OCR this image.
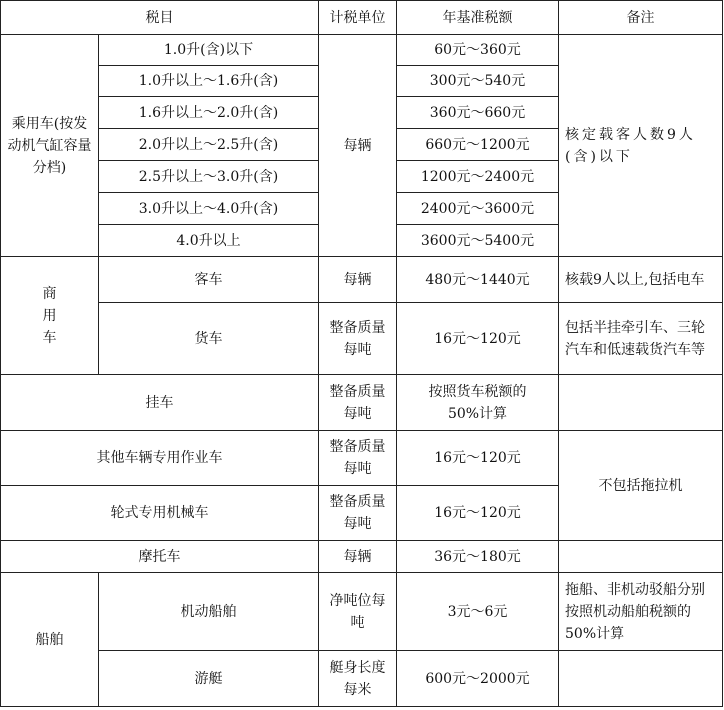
税目		计税单位	年基准税额	备注
乘用车(按发动机气缸容量分档)	1.0升(含)以下	每辆	60元～360元	核定载客人数9人(含)以下
	1.0升以上～1.6升(含)		300元～540元	
	1.6升以上～2.0升(含)		360元～660元	
	2.0升以上～2.5升(含)		660元～1200元	
	2.5升以上～3.0升(含)		1200元～2400元	
	3.0升以上～4.0升(含)		2400元～3600元	
	4.0升以上		3600元～5400元	
商用车	客车	每辆	480元～1440元	核载9人以上,包括电车
	货车	整备质量每吨	16元～120元	包括半挂牵引车、三轮汽车和低速载货汽车等
挂车		整备质量每吨	按照货车税额的50%计算	
其他车辆专用作业车		整备质量每吨	16元～120元	不包括拖拉机
轮式专用机械车		整备质量每吨	16元～120元	
摩托车		每辆	36元～180元	
船舶	机动船舶	净吨位每吨	3元～6元	拖船、非机动驳船分别按照机动船舶税额的50%计算
	游艇	艇身长度每米	600元～2000元	
